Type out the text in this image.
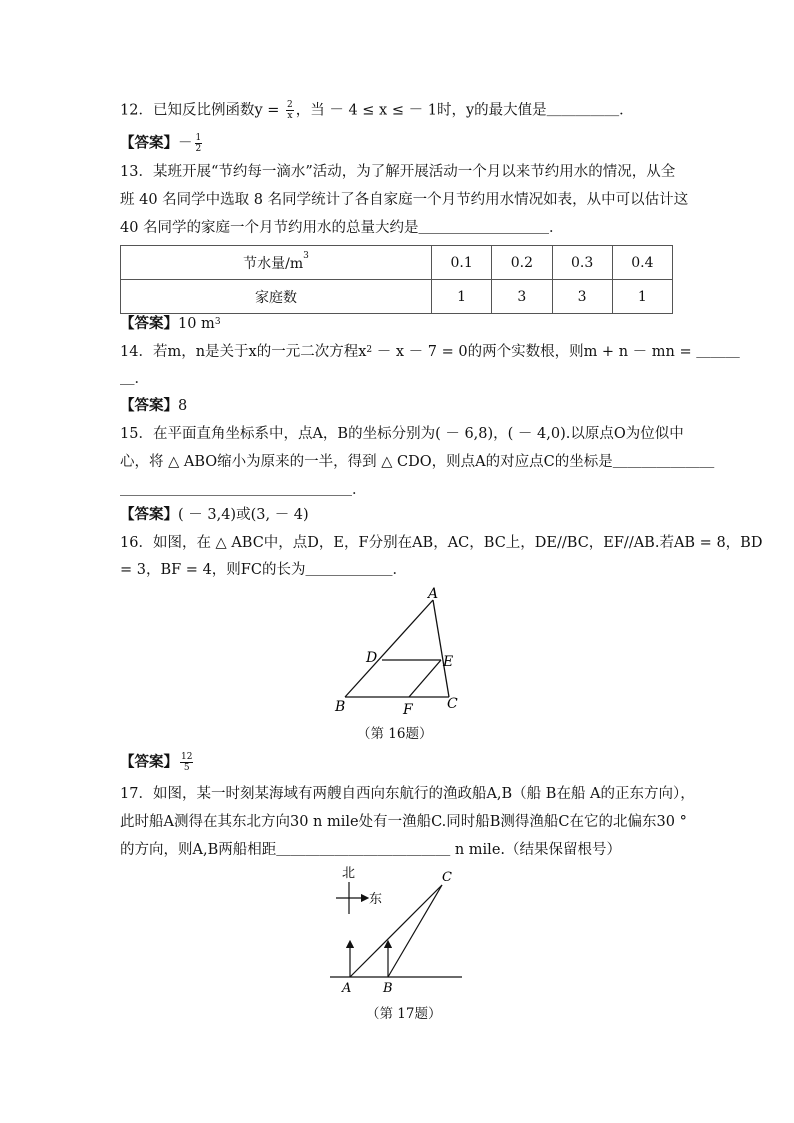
12．已知反比例函数$y = \frac{2}{x}$ ，当 － 4 ≤ x ≤ － 1时，y的最大值是＿＿＿＿＿．
【答案】－ $\frac{1}{2}$
13．某班开展“节约每一滴水”活动，为了解开展活动一个月以来节约用水的情况，从全
班 40 名同学中选取 8 名同学统计了各自家庭一个月节约用水情况如表，从中可以估计这
40 名同学的家庭一个月节约用水的总量大约是＿＿＿＿＿＿＿＿＿．
节水量$/m^3$	0.1	0.2	0.3	0.4
家庭数	1	3	3	1
【答案】10 $m^3$
14．若m，n是关于x的一元二次方程$x^2 - x - 7 = 0$的两个实数根，则m + n － mn = ＿＿＿
＿．
【答案】8
15．在平面直角坐标系中，点A，B的坐标分别为( － 6,8)，( － 4,0).以原点O为位似中
心，将 △ ABO缩小为原来的一半，得到 △ CDO，则点A的对应点C的坐标是＿＿＿＿＿＿＿
＿＿＿＿＿＿＿＿＿＿＿＿＿＿＿＿．
【答案】( － 3,4)或(3, － 4)
16．如图，在 △ ABC中，点D，E，F分别在AB，AC，BC上，DE//BC，EF//AB.若AB = 8，BD
= 3，BF = 4，则FC的长为＿＿＿＿＿＿．
A
B	C
D	E
F
（第 16题）
【答案】 $\frac{12}{5}$
17．如图，某一时刻某海域有两艘自西向东航行的渔政船A,B（船 B在船 A的正东方向），
此时船A测得在其东北方向30 n mile处有一渔船C.同时船B测得渔船C在它的北偏东30 °
的方向，则A,B两船相距＿＿＿＿＿＿＿＿＿＿＿＿ n mile.（结果保留根号）
北
东
A B
C
（第 17题）
